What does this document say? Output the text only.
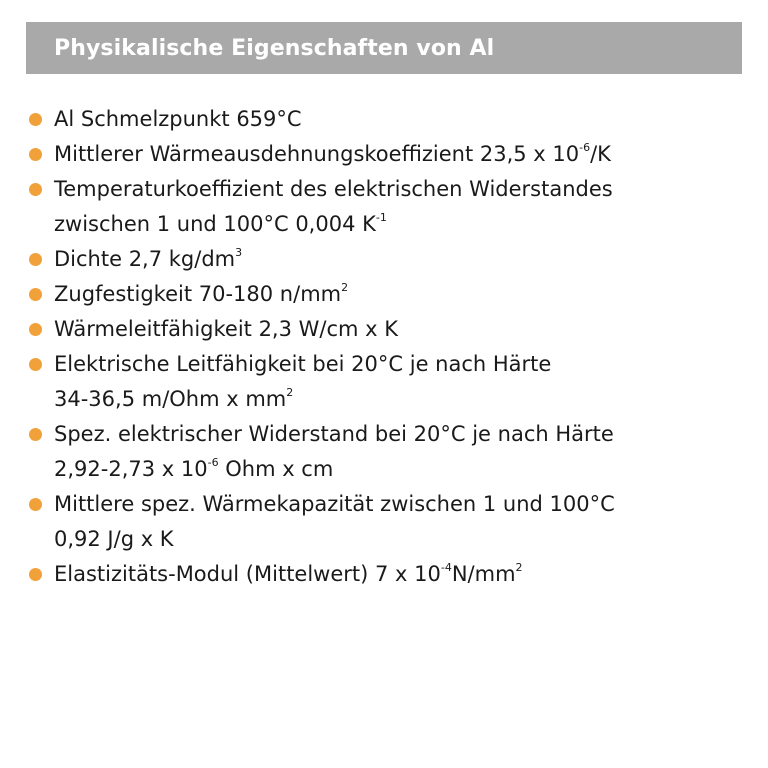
Physikalische Eigenschaften von Al
Al Schmelzpunkt 659°C
Mittlerer Wärmeausdehnungskoeffizient 23,5 x $10^{-6}/K$
Temperaturkoeffizient des elektrischen Widerstandes
zwischen 1 und 100°C 0,004 $K^{-1}$
Dichte 2,7 $kg/dm^3$
Zugfestigkeit 70-180 $n/mm^2$
Wärmeleitfähigkeit 2,3 W/cm x K
Elektrische Leitfähigkeit bei 20°C je nach Härte
34-36,5 m/Ohm x $mm^2$
Spez. elektrischer Widerstand bei 20°C je nach Härte
2,92-2,73 x $10^{-6}$ Ohm x cm
Mittlere spez. Wärmekapazität zwischen 1 und 100°C
0,92 J/g x K
Elastizitäts-Modul (Mittelwert) 7 x $10^{-4}N/mm^2$
